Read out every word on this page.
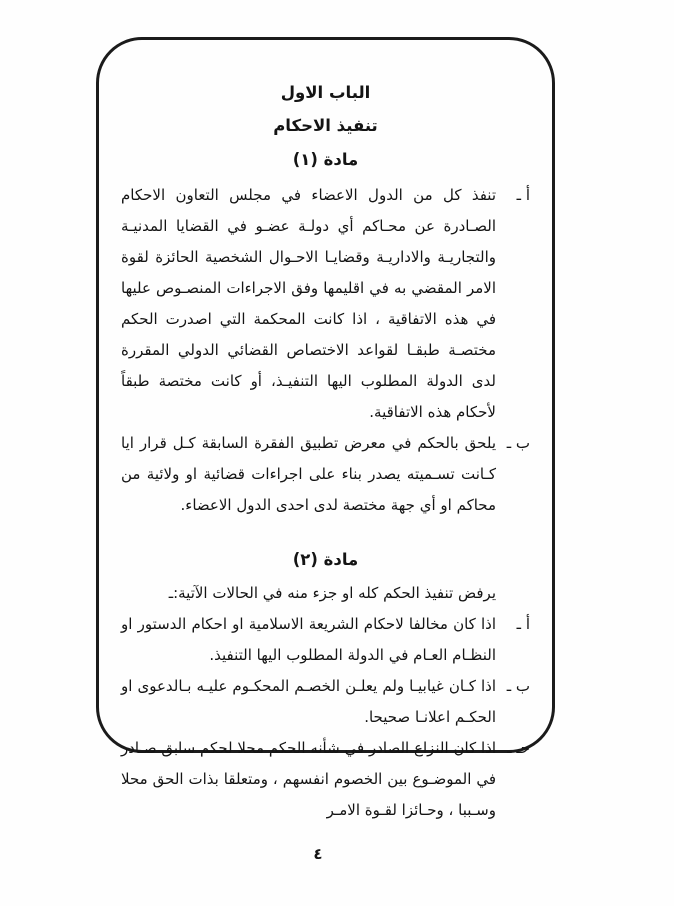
الباب الاول
تنفيذ الاحكام
مادة (١)
أ ـ
تنفذ كل من الدول الاعضاء في مجلس التعاون الاحكام الصـادرة عن محـاكم أي دولـة عضـو في القضايا المدنيـة والتجاريـة والاداريـة وقضايـا الاحـوال الشخصية الحائزة لقوة الامر المقضي به في اقليمها وفق الاجراءات المنصـوص عليها في هذه الاتفاقية ، اذا كانت المحكمة التي اصدرت الحكم مختصـة طبقـا لقواعد الاختصاص القضائي الدولي المقررة لدى الدولة المطلوب اليها التنفيـذ، أو كانت مختصة طبقاً لأحكام هذه الاتفاقية.
ب ـ
يلحق بالحكم في معرض تطبيق الفقرة السابقة كـل قرار ايا كـانت تسـميته يصدر بناء على اجراءات قضائية او ولائية من محاكم او أي جهة مختصة لدى احدى الدول الاعضاء.
مادة (٢)
يرفض تنفيذ الحكم كله او جزء منه في الحالات الآتية:ـ
أ ـ
اذا كان مخالفا لاحكام الشريعة الاسلامية او احكام الدستور او النظـام العـام في الدولة المطلوب اليها التنفيذ.
ب ـ
اذا كـان غيابيـا ولم يعلـن الخصـم المحكـوم عليـه بـالدعوى او الحكـم اعلانـا صحيحا.
حـ ـ
اذا كان النزاع الصادر في شأنه الحكم محلا لحكم سابق صـادر في الموضـوع بين الخصوم انفسهم ، ومتعلقا بذات الحق محلا وسـببا ، وحـائزا لقـوة الامـر
٤
